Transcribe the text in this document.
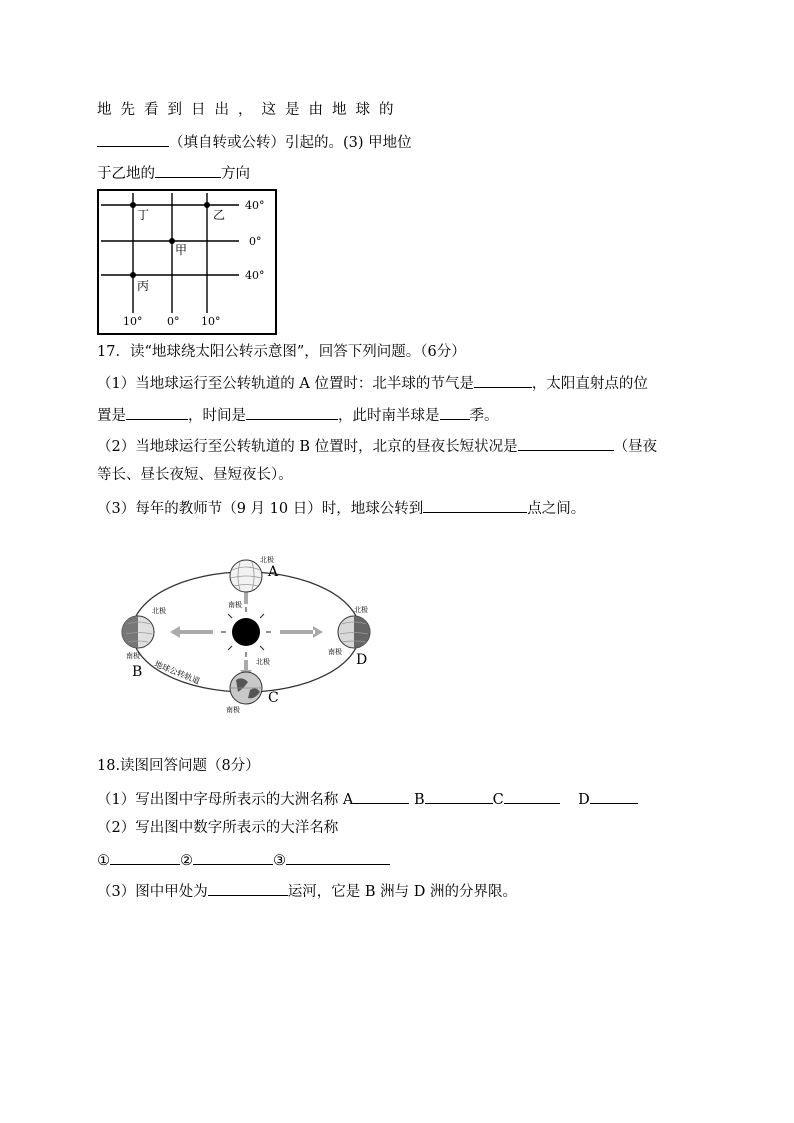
地先看到日出，这是由地球的
（填自转或公转）引起的。(3) 甲地位
于乙地的	方向
丁	乙
甲
丙
40°
0°
40°
10° 0° 10°
17．读“地球绕太阳公转示意图”，回答下列问题。（6分）
（1）当地球运行至公转轨道的 A 位置时：北半球的节气是	，太阳直射点的位
置是	，时间是	，此时南半球是 季。
（2）当地球运行至公转轨道的 B 位置时，北京的昼夜长短状况是	（昼夜
等长、昼长夜短、昼短夜长）。
（3）每年的教师节（9 月 10 日）时，地球公转到	点之间。
北极
南极
A
北极
南极
B
北极
南极
C
北极
南极 D
地球公转轨道
18.读图回答问题（8分）
（1）写出图中字母所表示的大洲名称 A	B	C	D
（2）写出图中数字所表示的大洋名称
①	②	③
（3）图中甲处为	运河，它是 B 洲与 D 洲的分界限。
